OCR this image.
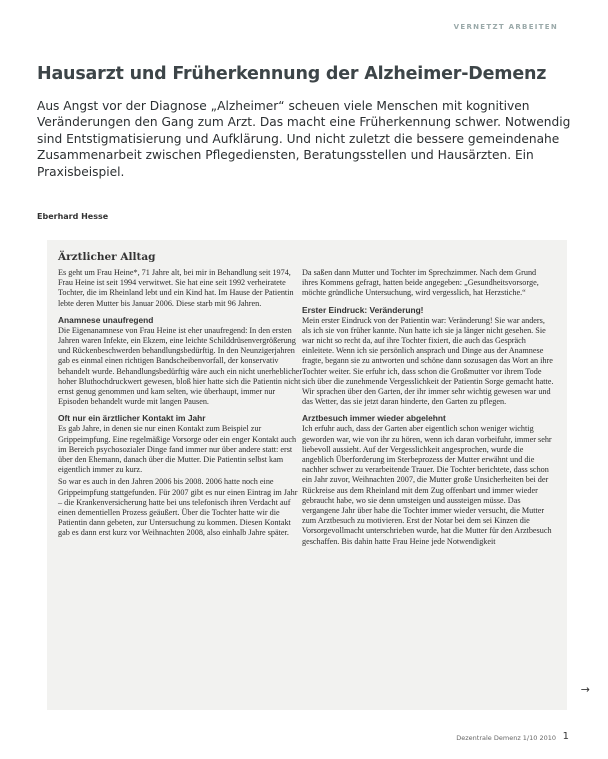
VERNETZT ARBEITEN
Hausarzt und Früherkennung der Alzheimer-Demenz
Aus Angst vor der Diagnose „Alzheimer“ scheuen viele Menschen mit kognitiven Veränderungen den Gang zum Arzt. Das macht eine Früherkennung schwer. Notwendig sind Entstigmatisierung und Aufklärung. Und nicht zuletzt die bessere gemeindenahe Zusammenarbeit zwischen Pflegediensten, Beratungsstellen und Hausärzten. Ein Praxisbeispiel.
Eberhard Hesse
Ärztlicher Alltag

Es geht um Frau Heine*, 71 Jahre alt, bei mir in Behandlung seit 1974, Frau Heine ist seit 1994 verwitwet. Sie hat eine seit 1992 verheiratete Tochter, die im Rheinland lebt und ein Kind hat. Im Hause der Patientin lebte deren Mutter bis Januar 2006. Diese starb mit 96 Jahren.

Anamnese unaufregend

Die Eigenanamnese von Frau Heine ist eher unaufregend: In den ersten Jahren waren Infekte, ein Ekzem, eine leichte Schilddrüsenvergrößerung und Rückenbeschwerden behandlungsbedürftig. In den Neunzigerjahren gab es einmal einen richtigen Bandscheibenvorfall, der konservativ behandelt wurde. Behandlungsbedürftig wäre auch ein nicht unerheblicher hoher Bluthochdruckwert gewesen, bloß hier hatte sich die Patientin nicht ernst genug genommen und kam selten, wie überhaupt, immer nur Episoden behandelt wurde mit langen Pausen.

Oft nur ein ärztlicher Kontakt im Jahr

Es gab Jahre, in denen sie nur einen Kontakt zum Beispiel zur Grippeimpfung. Eine regelmäßige Vorsorge oder ein enger Kontakt auch im Bereich psychosozialer Dinge fand immer nur über andere statt: erst über den Ehemann, danach über die Mutter. Die Patientin selbst kam eigentlich immer zu kurz.

So war es auch in den Jahren 2006 bis 2008. 2006 hatte noch eine Grippeimpfung stattgefunden. Für 2007 gibt es nur einen Eintrag im Jahr – die Krankenversicherung hatte bei uns telefonisch ihren Verdacht auf einen dementiellen Prozess geäußert. Über die Tochter hatte wir die Patientin dann gebeten, zur Untersuchung zu kommen. Diesen Kontakt gab es dann erst kurz vor Weihnachten 2008, also einhalb Jahre später.

Da saßen dann Mutter und Tochter im Sprechzimmer. Nach dem Grund ihres Kommens gefragt, hatten beide angegeben: „Gesundheitsvorsorge, möchte gründliche Untersuchung, wird vergesslich, hat Herzstiche.“

Erster Eindruck: Veränderung!

Mein erster Eindruck von der Patientin war: Veränderung! Sie war anders, als ich sie von früher kannte. Nun hatte ich sie ja länger nicht gesehen. Sie war nicht so recht da, auf ihre Tochter fixiert, die auch das Gespräch einleitete. Wenn ich sie persönlich ansprach und Dinge aus der Anamnese fragte, begann sie zu antworten und schöne dann sozusagen das Wort an ihre Tochter weiter. Sie erfuhr ich, dass schon die Großmutter vor ihrem Tode sich über die zunehmende Vergesslichkeit der Patientin Sorge gemacht hatte. Wir sprachen über den Garten, der ihr immer sehr wichtig gewesen war und das Wetter, das sie jetzt daran hinderte, den Garten zu pflegen.

Arztbesuch immer wieder abgelehnt

Ich erfuhr auch, dass der Garten aber eigentlich schon weniger wichtig geworden war, wie von ihr zu hören, wenn ich daran vorbeifuhr, immer sehr liebevoll aussieht. Auf der Vergesslichkeit angesprochen, wurde die angeblich Überforderung im Sterbeprozess der Mutter erwähnt und die nachher schwer zu verarbeitende Trauer. Die Tochter berichtete, dass schon ein Jahr zuvor, Weihnachten 2007, die Mutter große Unsicherheiten bei der Rückreise aus dem Rheinland mit dem Zug offenbart und immer wieder gebraucht habe, wo sie denn umsteigen und aussteigen müsse. Das vergangene Jahr über habe die Tochter immer wieder versucht, die Mutter zum Arztbesuch zu motivieren. Erst der Notar bei dem sei Kinzen die Vorsorgevollmacht unterschrieben wurde, hat die Mutter für den Arztbesuch geschaffen. Bis dahin hatte Frau Heine jede Notwendigkeit

→
Dezentrale Demenz 1/10 2010 1
